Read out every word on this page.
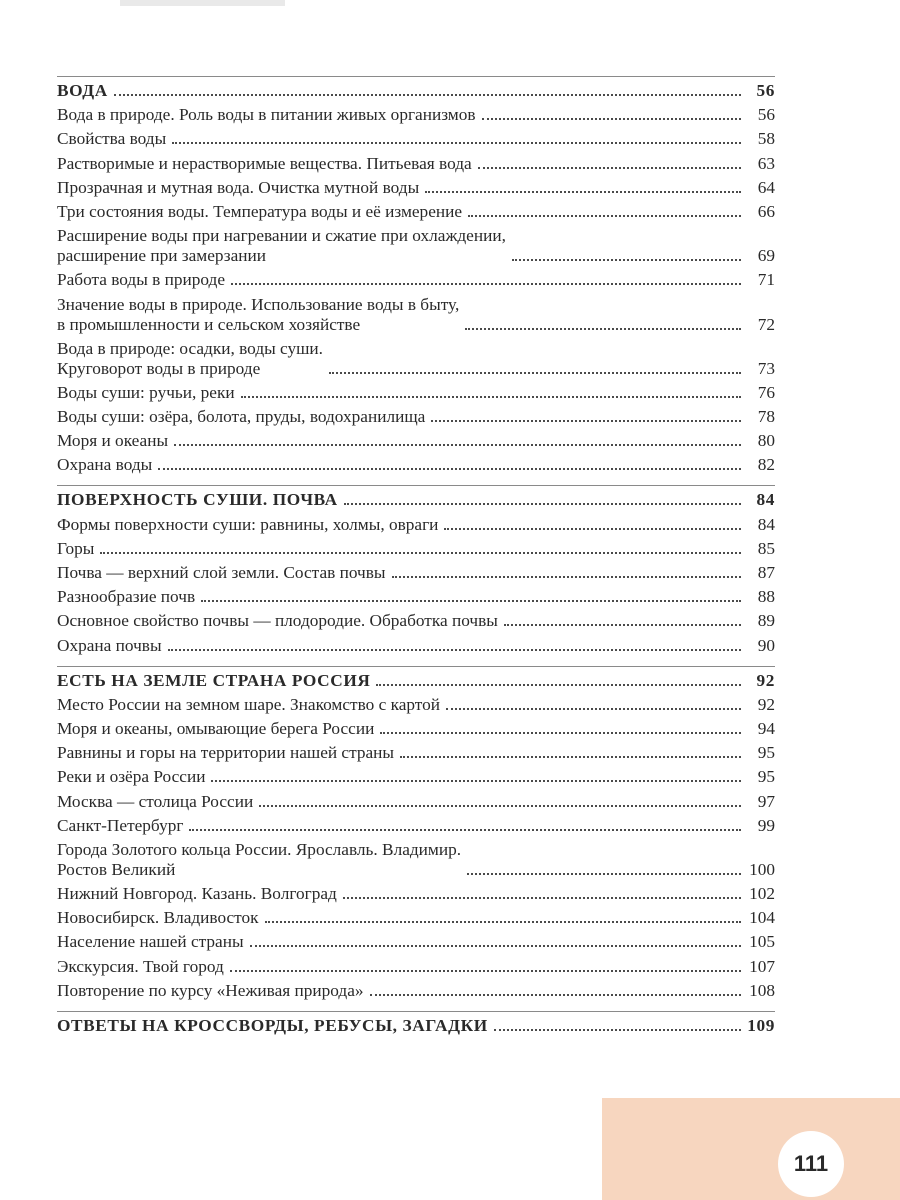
ВОДА	56
Вода в природе. Роль воды в питании живых организмов	56
Свойства воды	58
Растворимые и нерастворимые вещества. Питьевая вода	63
Прозрачная и мутная вода. Очистка мутной воды	64
Три состояния воды. Температура воды и её измерение	66
Расширение воды при нагревании и сжатие при охлаждении,
расширение при замерзании	69
Работа воды в природе	71
Значение воды в природе. Использование воды в быту,
в промышленности и сельском хозяйстве	72
Вода в природе: осадки, воды суши.
Круговорот воды в природе	73
Воды суши: ручьи, реки	76
Воды суши: озёра, болота, пруды, водохранилища	78
Моря и океаны	80
Охрана воды	82
ПОВЕРХНОСТЬ СУШИ. ПОЧВА	84
Формы поверхности суши: равнины, холмы, овраги	84
Горы	85
Почва — верхний слой земли. Состав почвы	87
Разнообразие почв	88
Основное свойство почвы — плодородие. Обработка почвы	89
Охрана почвы	90
ЕСТЬ НА ЗЕМЛЕ СТРАНА РОССИЯ	92
Место России на земном шаре. Знакомство с картой	92
Моря и океаны, омывающие берега России	94
Равнины и горы на территории нашей страны	95
Реки и озёра России	95
Москва — столица России	97
Санкт-Петербург	99
Города Золотого кольца России. Ярославль. Владимир.
Ростов Великий	100
Нижний Новгород. Казань. Волгоград	102
Новосибирск. Владивосток	104
Население нашей страны	105
Экскурсия. Твой город	107
Повторение по курсу «Неживая природа»	108
ОТВЕТЫ НА КРОССВОРДЫ, РЕБУСЫ, ЗАГАДКИ	109
111
